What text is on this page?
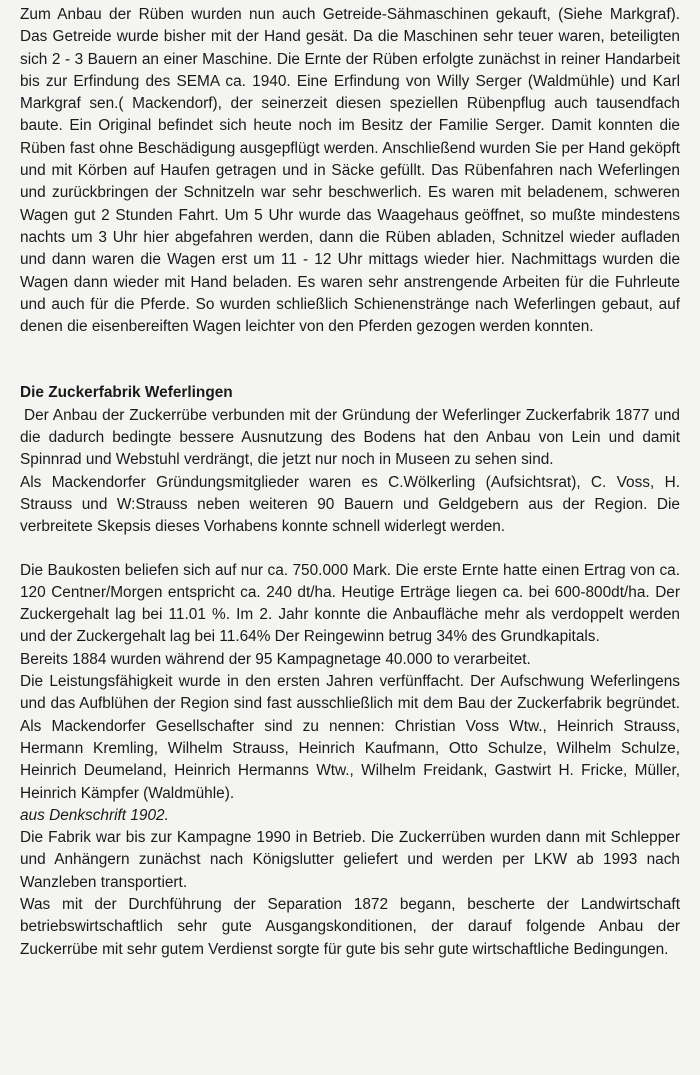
Zum Anbau der Rüben wurden nun auch Getreide-Sähmaschinen gekauft, (Siehe Markgraf). Das Getreide wurde bisher mit der Hand gesät. Da die Maschinen sehr teuer waren, beteiligten sich 2 - 3 Bauern an einer Maschine. Die Ernte der Rüben erfolgte zunächst in reiner Handarbeit bis zur Erfindung des SEMA ca. 1940. Eine Erfindung von Willy Serger (Waldmühle) und Karl Markgraf sen.( Mackendorf), der seinerzeit diesen speziellen Rübenpflug auch tausendfach baute. Ein Original befindet sich heute noch im Besitz der Familie Serger. Damit konnten die Rüben fast ohne Beschädigung ausgepflügt werden. Anschließend wurden Sie per Hand geköpft und mit Körben auf Haufen getragen und in Säcke gefüllt. Das Rübenfahren nach Weferlingen und zurückbringen der Schnitzeln war sehr beschwerlich. Es waren mit beladenem, schweren Wagen gut 2 Stunden Fahrt. Um 5 Uhr wurde das Waagehaus geöffnet, so mußte mindestens nachts um 3 Uhr hier abgefahren werden, dann die Rüben abladen, Schnitzel wieder aufladen und dann waren die Wagen erst um 11 - 12 Uhr mittags wieder hier. Nachmittags wurden die Wagen dann wieder mit Hand beladen. Es waren sehr anstrengende Arbeiten für die Fuhrleute und auch für die Pferde. So wurden schließlich Schienenstränge nach Weferlingen gebaut, auf denen die eisenbereiften Wagen leichter von den Pferden gezogen werden konnten.

Die Zuckerfabrik Weferlingen

Der Anbau der Zuckerrübe verbunden mit der Gründung der Weferlinger Zuckerfabrik 1877 und die dadurch bedingte bessere Ausnutzung des Bodens hat den Anbau von Lein und damit Spinnrad und Webstuhl verdrängt, die jetzt nur noch in Museen zu sehen sind.

Als Mackendorfer Gründungsmitglieder waren es C.Wölkerling (Aufsichtsrat), C. Voss, H. Strauss und W:Strauss neben weiteren 90 Bauern und Geldgebern aus der Region. Die verbreitete Skepsis dieses Vorhabens konnte schnell widerlegt werden.

Die Baukosten beliefen sich auf nur ca. 750.000 Mark. Die erste Ernte hatte einen Ertrag von ca. 120 Centner/Morgen entspricht ca. 240 dt/ha. Heutige Erträge liegen ca. bei 600-800dt/ha. Der Zuckergehalt lag bei 11.01 %. Im 2. Jahr konnte die Anbaufläche mehr als verdoppelt werden und der Zuckergehalt lag bei 11.64% Der Reingewinn betrug 34% des Grundkapitals.

Bereits 1884 wurden während der 95 Kampagnetage 40.000 to verarbeitet.

Die Leistungsfähigkeit wurde in den ersten Jahren verfünffacht. Der Aufschwung Weferlingens und das Aufblühen der Region sind fast ausschließlich mit dem Bau der Zuckerfabrik begründet. Als Mackendorfer Gesellschafter sind zu nennen: Christian Voss Wtw., Heinrich Strauss, Hermann Kremling, Wilhelm Strauss, Heinrich Kaufmann, Otto Schulze, Wilhelm Schulze, Heinrich Deumeland, Heinrich Hermanns Wtw., Wilhelm Freidank, Gastwirt H. Fricke, Müller, Heinrich Kämpfer (Waldmühle).

aus Denkschrift 1902.

Die Fabrik war bis zur Kampagne 1990 in Betrieb. Die Zuckerrüben wurden dann mit Schlepper und Anhängern zunächst nach Königslutter geliefert und werden per LKW ab 1993 nach Wanzleben transportiert.

Was mit der Durchführung der Separation 1872 begann, bescherte der Landwirtschaft betriebswirtschaftlich sehr gute Ausgangskonditionen, der darauf folgende Anbau der Zuckerrübe mit sehr gutem Verdienst sorgte für gute bis sehr gute wirtschaftliche Bedingungen.
